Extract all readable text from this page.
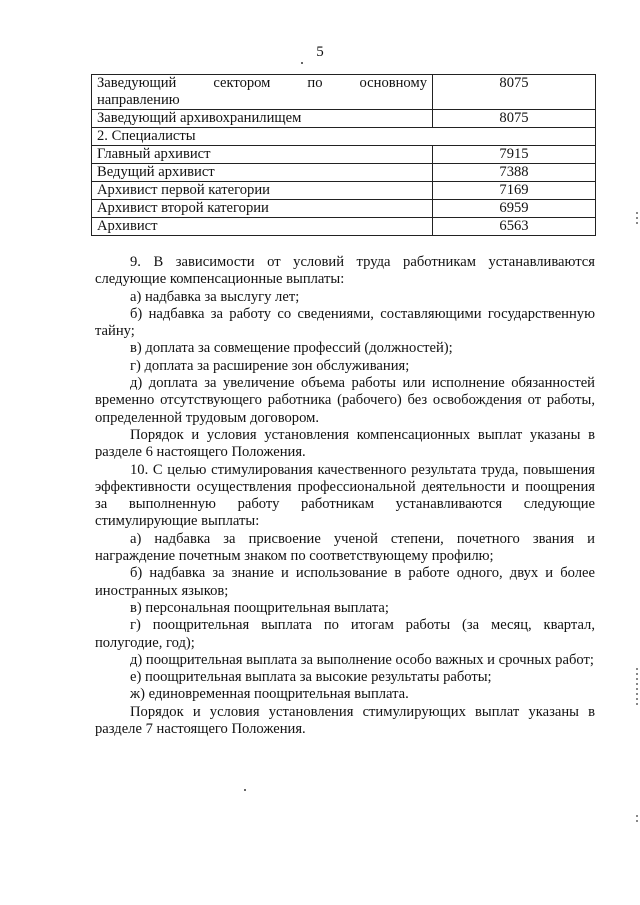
5
Заведующий сектором по основному
направлению	8075
Заведующий архивохранилищем	8075
2. Специалисты	
Главный архивист	7915
Ведущий архивист	7388
Архивист первой категории	7169
Архивист второй категории	6959
Архивист	6563

9. В зависимости от условий труда работникам устанавливаются следующие компенсационные выплаты:

а) надбавка за выслугу лет;

б) надбавка за работу со сведениями, составляющими государственную тайну;

в) доплата за совмещение профессий (должностей);

г) доплата за расширение зон обслуживания;

д) доплата за увеличение объема работы или исполнение обязанностей временно отсутствующего работника (рабочего) без освобождения от работы, определенной трудовым договором.

Порядок и условия установления компенсационных выплат указаны в разделе 6 настоящего Положения.

10. С целью стимулирования качественного результата труда, повышения эффективности осуществления профессиональной деятельности и поощрения за выполненную работу работникам устанавливаются следующие стимулирующие выплаты:

а) надбавка за присвоение ученой степени, почетного звания и награждение почетным знаком по соответствующему профилю;

б) надбавка за знание и использование в работе одного, двух и более иностранных языков;

в) персональная поощрительная выплата;

г) поощрительная выплата по итогам работы (за месяц, квартал, полугодие, год);

д) поощрительная выплата за выполнение особо важных и срочных работ;

е) поощрительная выплата за высокие результаты работы;

ж) единовременная поощрительная выплата.

Порядок и условия установления стимулирующих выплат указаны в разделе 7 настоящего Положения.
